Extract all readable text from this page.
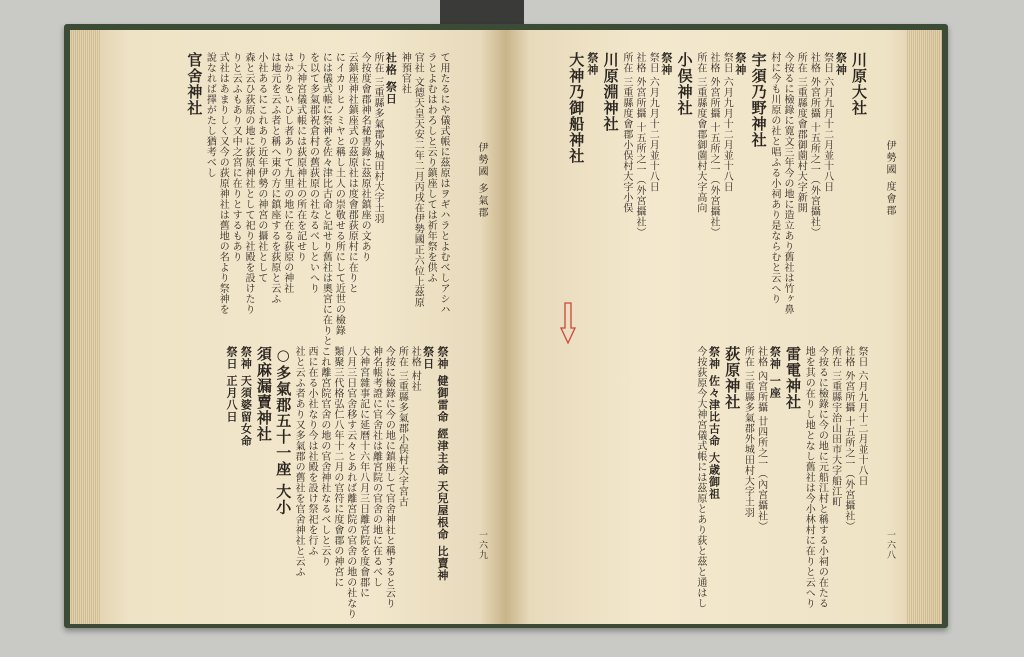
て用たるにや儀式帳に茲原はヲギハラとよむべしアシハ
ラとよむはわろしと云り鎮座しては祈年祭を供ふ
官社 文德天皇天安二年二月丙戌在伊勢國正六位上茲原
神預官社
社格 祭日
所在 三重縣多氣郡外城田村大字土羽
今按度會郡神名秘書錄に茲原社鎮座の文あり
云鎮座神社鎮座式の茲原社は度會郡荻原村に在りと
にイカリヒノミヤと稱し土人の崇敬せる所にして近世の檢錄
には儀式帳に祭神を佐々津比古命と記せり舊社は奧宮に在りと
を以て多氣郡祝倉村の舊荻原の社なるべしといへり
り大神宮儀式帳には荻原神社の所在を記せり
はかりをいひし者ありて九里の地に在る荻原の神社
は地元を云ふ者と稱へ東の方に鎮座するを荻原と云ふ
小社あるにこれあり近年伊勢の神宮の攝社として
森と云ひ荻原の地に荻原神社として祀り社殿を設けたり
りと云ふもあり又中之宮に在りとするもあり
式社はあまりしく又今の荻原神社は舊地の名より祭神を
說なれば擇がたし猶考べし
官舍神社
祭神 健御雷命 經津主命 天兒屋根命 比賣神
祭日
社格 村社
所在 三重縣多氣郡小俣村大字宮古
今按に檢錄に今の地に鎮座して官舍神社と稱すると云り
神名帳考證に官舍社は離宮院の官舍の地に在るべし
大神宮雜事記に延曆十六年八月三日離宮院を度會郡に
八月三日官舍移す云々とあれば離宮院の官舍の地の社なり
類聚三代格弘仁八年十二月の官符に度會郡の神宮に
これ離宮院官舍の地の官舍神社なるべしと云り
西に在る小社なり今は社殿を設け祭祀を行ふ
社と云ふ者あり又多氣郡の舊社を官舍神社と云ふ
○多氣郡五十一座 大小
須麻漏賣神社
祭神 天須婆留女命
祭日 正月八日
伊勢國 多氣郡
一六九
川原大社
祭神
祭日 六月九月十二月並十八日
社格 外宮所攝 十五所之一（外宮攝社）
所在 三重縣度會郡御薗村大字新開
今按るに檢錄に寛文三年今の地に造立あり舊社は竹ヶ鼻
村に今も川原の社と唱ふる小祠あり是ならむと云へり
宇須乃野神社
祭神
祭日 六月九月十二月並十八日
社格 外宮所攝 十五所之一（外宮攝社）
所在 三重縣度會郡御薗村大字高向
小俣神社
祭神
祭日 六月九月十二月並十八日
社格 外宮所攝 十五所之一（外宮攝社）
所在 三重縣度會郡小俣村大字小俣
川原淵神社
祭神
大神乃御船神社
祭日 六月九月十二月並十八日
社格 外宮所攝 十五所之一（外宮攝社）
所在 三重縣宇治山田市大字船江町
今按るに檢錄に今の地に元船江村と稱する小祠の在たる
地を其の在りし地となし舊社は今小林村に在りと云へり
雷電神社
祭神 一座
社格 內宮所攝 廿四所之一（內宮攝社）
所在 三重縣多氣郡外城田村大字土羽
荻原神社
祭神 佐々津比古命 大歳御祖
今按荻原今大神宮儀式帳には茲原とあり荻と茲と通はし
伊勢國 度會郡
一六八
